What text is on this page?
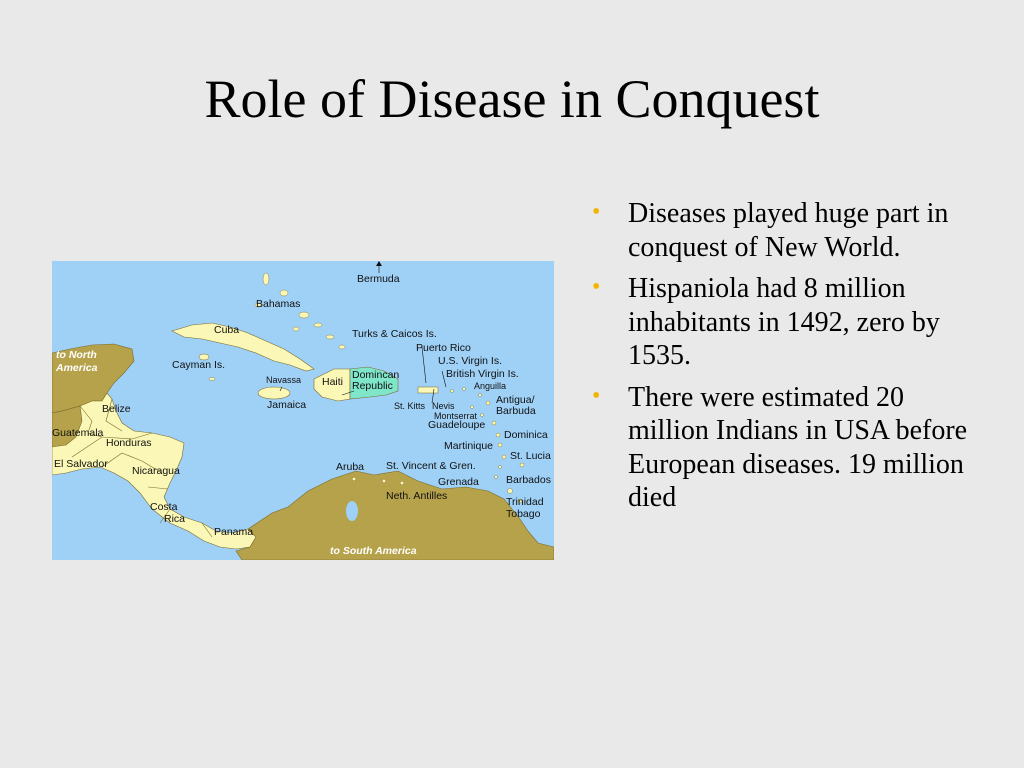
Role of Disease in Conquest
Bermuda
Bahamas
Cuba	Turks & Caicos Is.
Puerto Rico
to North
America	Cayman Is.	U.S. Virgin Is.
British Virgin Is.
Navassa Haiti
Domincan
Republic	Anguilla
Jamaica	Antigua/
Barbuda
St. Kitts Nevis
Montserrat
Guadeloupe
Belize
Dominica
Guatemala
Martinique
Honduras
St. Lucia
El Salvador
Nicaragua	Aruba St. Vincent & Gren.
Barbados
Grenada
Neth. Antilles	Trinidad
Tobago
Costa
Rica
Panama
to South America
• Diseases played huge part in conquest of New World.
• Hispaniola had 8 million inhabitants in 1492, zero by 1535.
• There were estimated 20 million Indians in USA before European diseases. 19 million died
